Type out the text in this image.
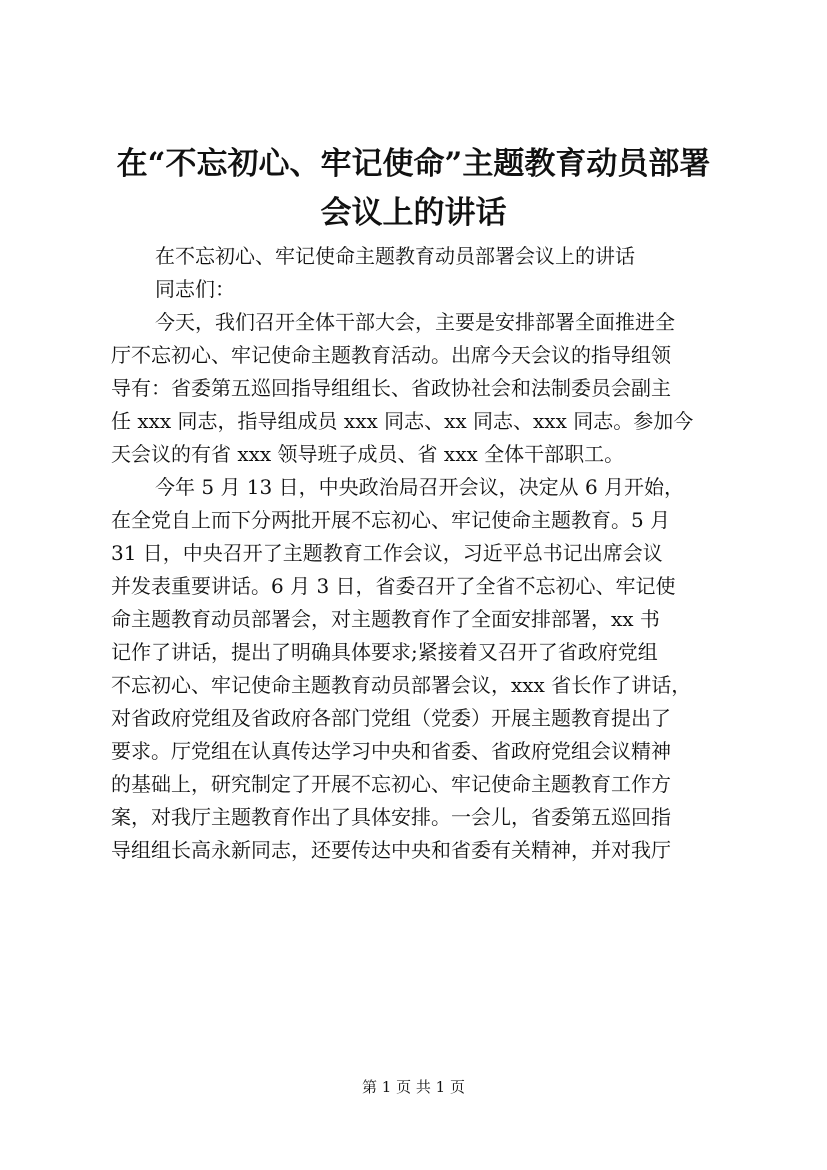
在“不忘初心、牢记使命”主题教育动员部署
会议上的讲话
在不忘初心、牢记使命主题教育动员部署会议上的讲话
同志们：
今天，我们召开全体干部大会，主要是安排部署全面推进全
厅不忘初心、牢记使命主题教育活动。出席今天会议的指导组领
导有：省委第五巡回指导组组长、省政协社会和法制委员会副主
任 xxx 同志，指导组成员 xxx 同志、xx 同志、xxx 同志。参加今
天会议的有省 xxx 领导班子成员、省 xxx 全体干部职工。
今年 5 月 13 日，中央政治局召开会议，决定从 6 月开始，
在全党自上而下分两批开展不忘初心、牢记使命主题教育。5 月
31 日，中央召开了主题教育工作会议，习近平总书记出席会议
并发表重要讲话。6 月 3 日，省委召开了全省不忘初心、牢记使
命主题教育动员部署会，对主题教育作了全面安排部署，xx 书
记作了讲话，提出了明确具体要求;紧接着又召开了省政府党组
不忘初心、牢记使命主题教育动员部署会议，xxx 省长作了讲话，
对省政府党组及省政府各部门党组（党委）开展主题教育提出了
要求。厅党组在认真传达学习中央和省委、省政府党组会议精神
的基础上，研究制定了开展不忘初心、牢记使命主题教育工作方
案，对我厅主题教育作出了具体安排。一会儿，省委第五巡回指
导组组长高永新同志，还要传达中央和省委有关精神，并对我厅
第 1 页 共 1 页
